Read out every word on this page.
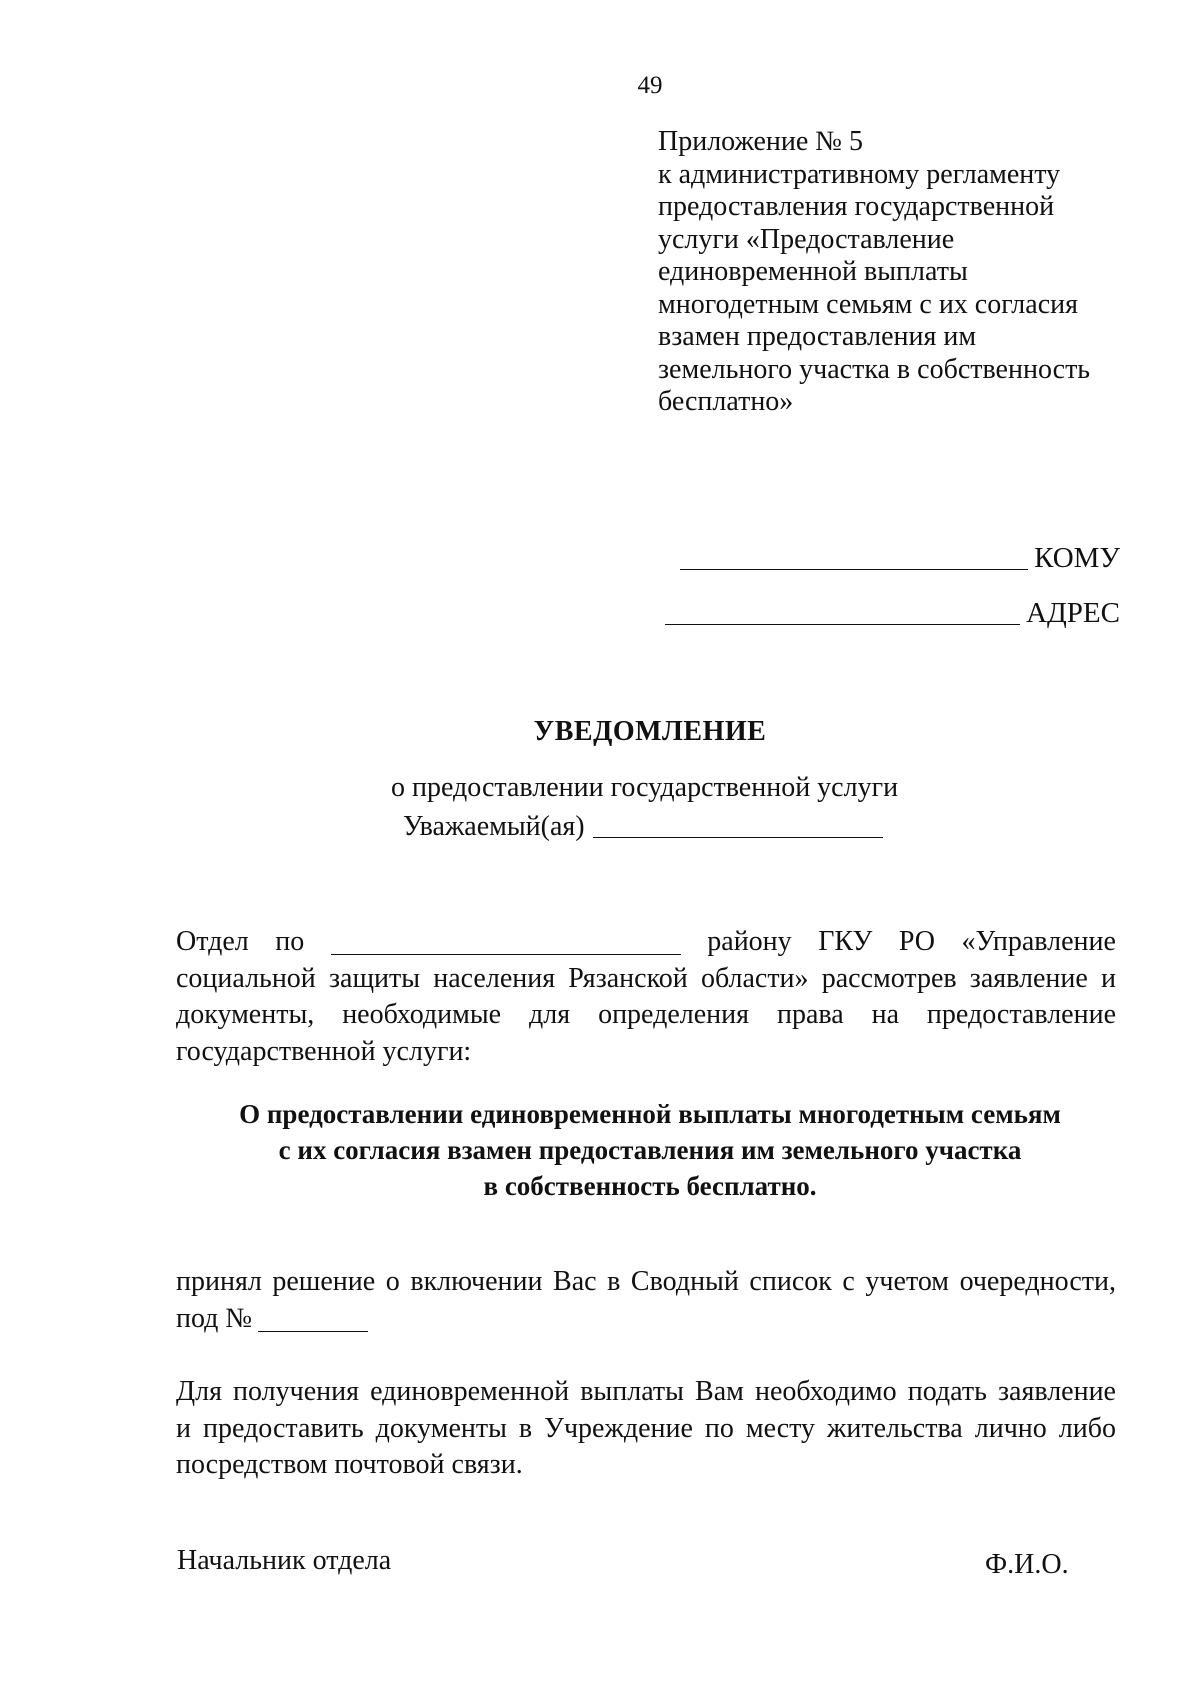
49
Приложение № 5
к административному регламенту
предоставления государственной
услуги «Предоставление
единовременной выплаты
многодетным семьям с их согласия
взамен предоставления им
земельного участка в собственность
бесплатно»
КОМУ
АДРЕС
УВЕДОМЛЕНИЕ
о предоставлении государственной услуги
Уважаемый(ая)
Отдел по	району ГКУ РО «Управление
социальной защиты населения Рязанской области» рассмотрев заявление и
документы, необходимые для определения права на предоставление
государственной услуги:
О предоставлении единовременной выплаты многодетным семьям
с их согласия взамен предоставления им земельного участка
в собственность бесплатно.
принял решение о включении Вас в Сводный список с учетом очередности,
под №
Для получения единовременной выплаты Вам необходимо подать заявление
и предоставить документы в Учреждение по месту жительства лично либо
посредством почтовой связи.
Начальник отдела	Ф.И.О.
